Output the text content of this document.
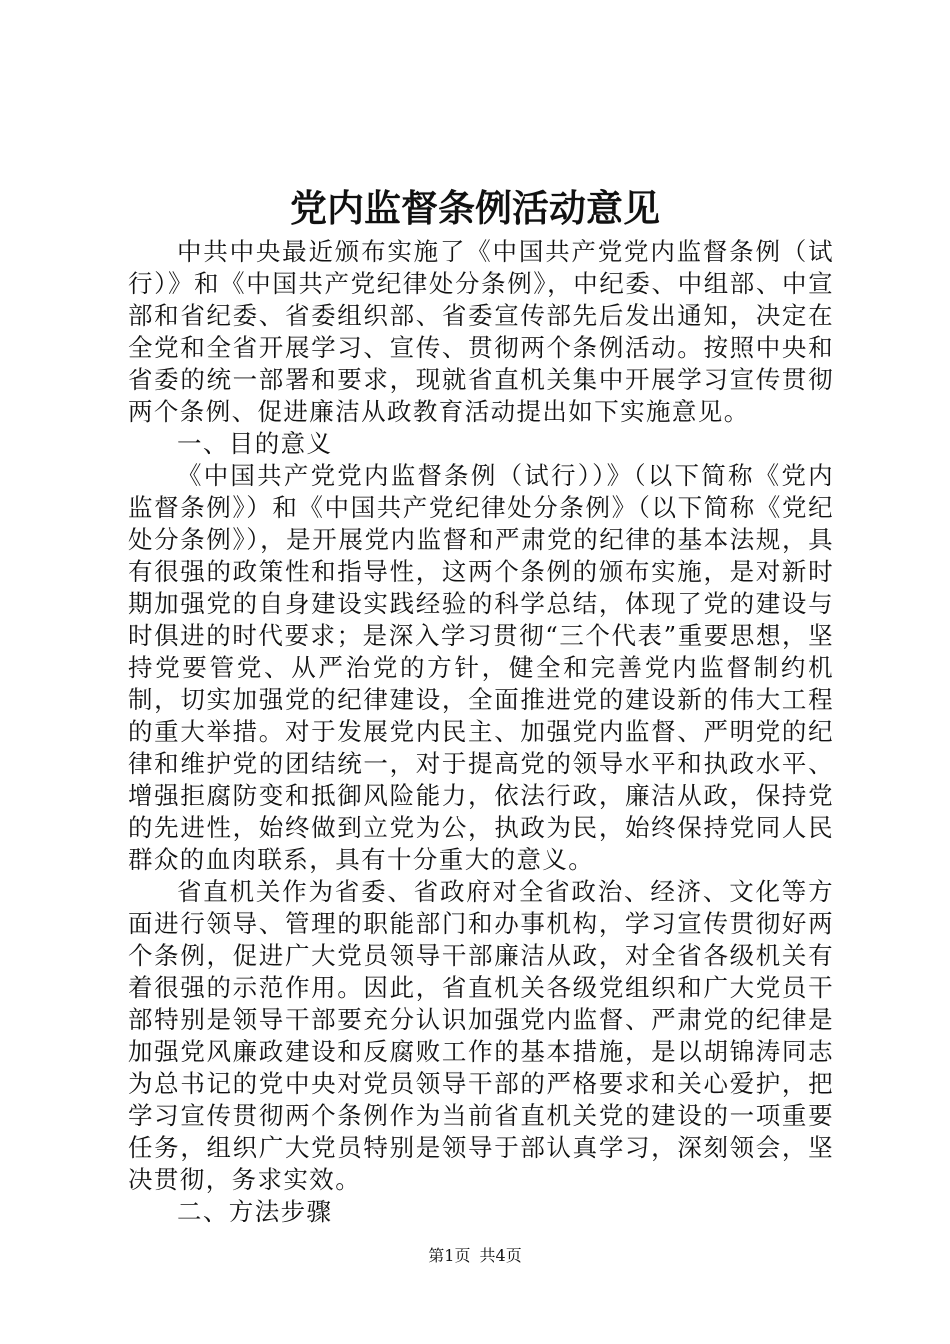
党内监督条例活动意见

中共中央最近颁布实施了《中国共产党党内监督条例（试行）》和《中国共产党纪律处分条例》，中纪委、中组部、中宣部和省纪委、省委组织部、省委宣传部先后发出通知，决定在全党和全省开展学习、宣传、贯彻两个条例活动。按照中央和省委的统一部署和要求，现就省直机关集中开展学习宣传贯彻两个条例、促进廉洁从政教育活动提出如下实施意见。

一、目的意义

《中国共产党党内监督条例（试行））》（以下简称《党内监督条例》）和《中国共产党纪律处分条例》（以下简称《党纪处分条例》），是开展党内监督和严肃党的纪律的基本法规，具有很强的政策性和指导性，这两个条例的颁布实施，是对新时期加强党的自身建设实践经验的科学总结，体现了党的建设与时俱进的时代要求；是深入学习贯彻“三个代表”重要思想，坚持党要管党、从严治党的方针，健全和完善党内监督制约机制，切实加强党的纪律建设，全面推进党的建设新的伟大工程的重大举措。对于发展党内民主、加强党内监督、严明党的纪律和维护党的团结统一，对于提高党的领导水平和执政水平、增强拒腐防变和抵御风险能力，依法行政，廉洁从政，保持党的先进性，始终做到立党为公，执政为民，始终保持党同人民群众的血肉联系，具有十分重大的意义。

省直机关作为省委、省政府对全省政治、经济、文化等方面进行领导、管理的职能部门和办事机构，学习宣传贯彻好两个条例，促进广大党员领导干部廉洁从政，对全省各级机关有着很强的示范作用。因此，省直机关各级党组织和广大党员干部特别是领导干部要充分认识加强党内监督、严肃党的纪律是加强党风廉政建设和反腐败工作的基本措施，是以胡锦涛同志为总书记的党中央对党员领导干部的严格要求和关心爱护，把学习宣传贯彻两个条例作为当前省直机关党的建设的一项重要任务，组织广大党员特别是领导于部认真学习，深刻领会，坚决贯彻，务求实效。

二、方法步骤

第1页 共4页
